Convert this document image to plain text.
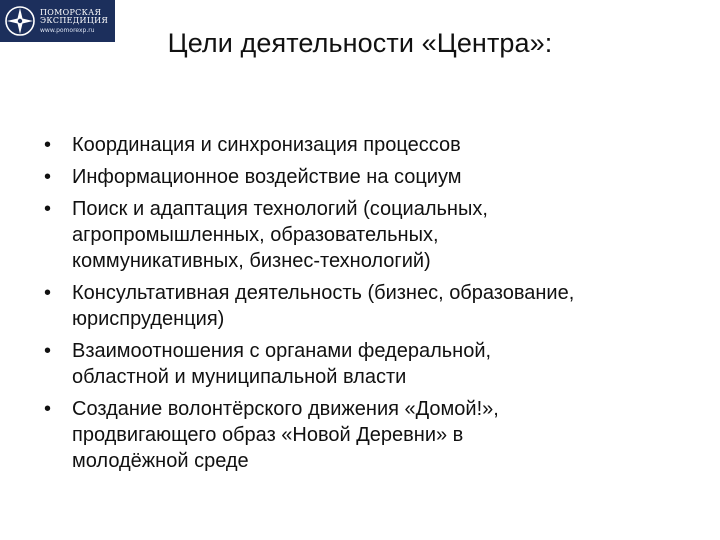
ПОМОРСКАЯ
ЭКСПЕДИЦИЯ
www.pomorexp.ru	Цели деятельности «Центра»:
•	Координация и синхронизация процессов
•	Информационное воздействие на социум
•	Поиск и адаптация технологий (социальных,
агропромышленных, образовательных,
коммуникативных, бизнес-технологий)
•	Консультативная деятельность (бизнес, образование,
юриспруденция)
•	Взаимоотношения с органами федеральной,
областной и муниципальной власти
•	Создание волонтёрского движения «Домой!»,
продвигающего образ «Новой Деревни» в
молодёжной среде
